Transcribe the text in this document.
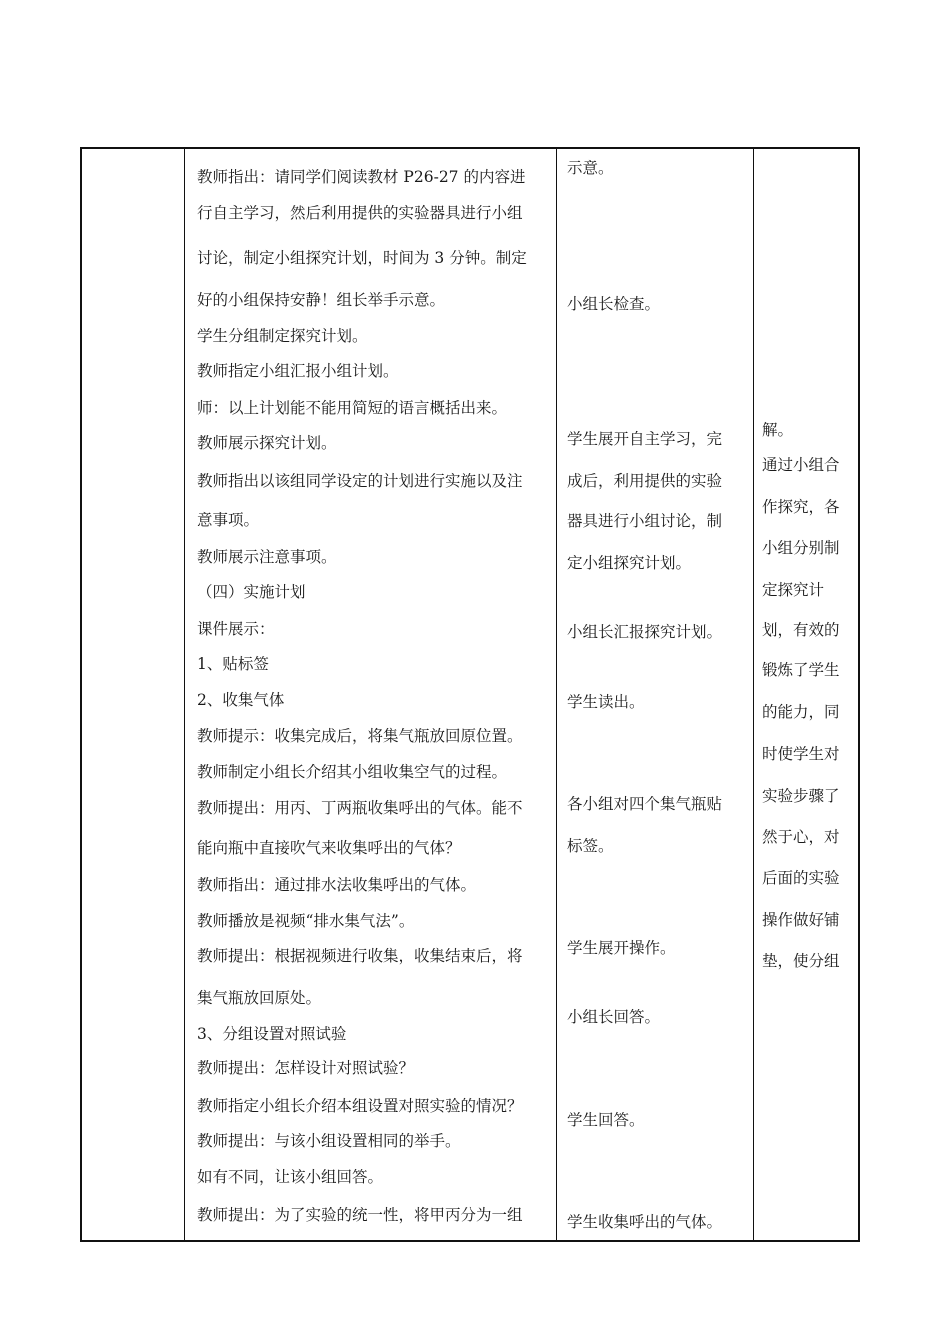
教师指出：请同学们阅读教材 P26-27 的内容进
行自主学习，然后利用提供的实验器具进行小组
讨论，制定小组探究计划，时间为 3 分钟。制定
好的小组保持安静！组长举手示意。
学生分组制定探究计划。
教师指定小组汇报小组计划。
师：以上计划能不能用简短的语言概括出来。
教师展示探究计划。
教师指出以该组同学设定的计划进行实施以及注
意事项。
教师展示注意事项。
（四）实施计划
课件展示：
1、贴标签
2、收集气体
教师提示：收集完成后，将集气瓶放回原位置。
教师制定小组长介绍其小组收集空气的过程。
教师提出：用丙、丁两瓶收集呼出的气体。能不
能向瓶中直接吹气来收集呼出的气体？
教师指出：通过排水法收集呼出的气体。
教师播放是视频“排水集气法”。
教师提出：根据视频进行收集，收集结束后，将
集气瓶放回原处。
3、分组设置对照试验
教师提出：怎样设计对照试验？
教师指定小组长介绍本组设置对照实验的情况？
教师提出：与该小组设置相同的举手。
如有不同，让该小组回答。
教师提出：为了实验的统一性，将甲丙分为一组
示意。
小组长检查。
学生展开自主学习，完
成后，利用提供的实验
器具进行小组讨论，制
定小组探究计划。
小组长汇报探究计划。
学生读出。
各小组对四个集气瓶贴
标签。
学生展开操作。
小组长回答。
学生回答。
学生收集呼出的气体。
解。
通过小组合
作探究，各
小组分别制
定探究计
划，有效的
锻炼了学生
的能力，同
时使学生对
实验步骤了
然于心，对
后面的实验
操作做好铺
垫，使分组
